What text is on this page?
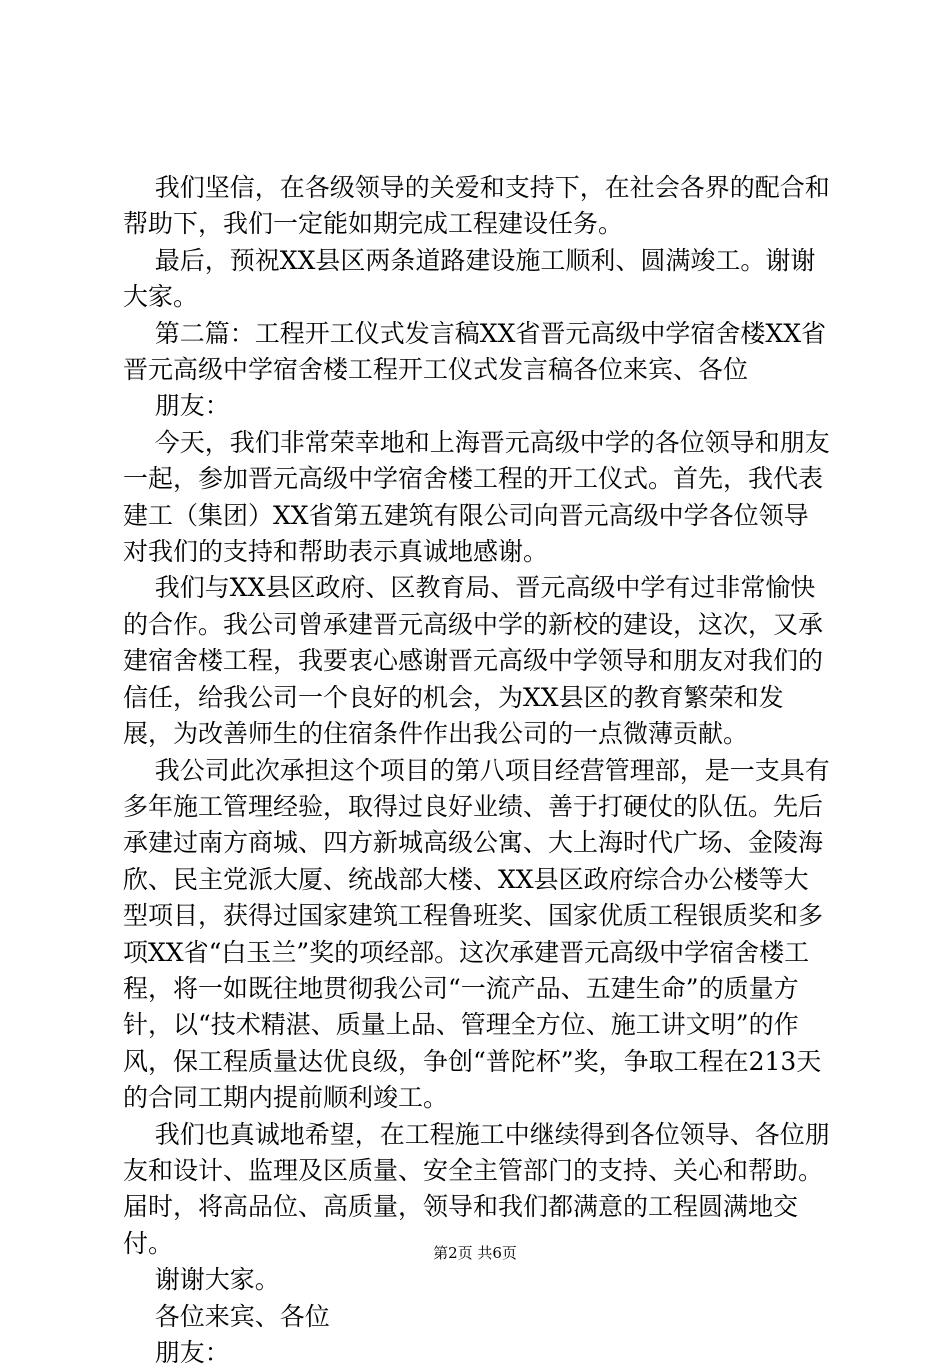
我们坚信，在各级领导的关爱和支持下，在社会各界的配合和帮助下，我们一定能如期完成工程建设任务。

最后，预祝XX县区两条道路建设施工顺利、圆满竣工。谢谢大家。

第二篇：工程开工仪式发言稿XX省晋元高级中学宿舍楼XX省晋元高级中学宿舍楼工程开工仪式发言稿各位来宾、各位

朋友：

今天，我们非常荣幸地和上海晋元高级中学的各位领导和朋友一起，参加晋元高级中学宿舍楼工程的开工仪式。首先，我代表建工（集团）XX省第五建筑有限公司向晋元高级中学各位领导对我们的支持和帮助表示真诚地感谢。

我们与XX县区政府、区教育局、晋元高级中学有过非常愉快的合作。我公司曾承建晋元高级中学的新校的建设，这次，又承建宿舍楼工程，我要衷心感谢晋元高级中学领导和朋友对我们的信任，给我公司一个良好的机会，为XX县区的教育繁荣和发展，为改善师生的住宿条件作出我公司的一点微薄贡献。

我公司此次承担这个项目的第八项目经营管理部，是一支具有多年施工管理经验，取得过良好业绩、善于打硬仗的队伍。先后承建过南方商城、四方新城高级公寓、大上海时代广场、金陵海欣、民主党派大厦、统战部大楼、XX县区政府综合办公楼等大型项目，获得过国家建筑工程鲁班奖、国家优质工程银质奖和多项XX省“白玉兰”奖的项经部。这次承建晋元高级中学宿舍楼工程，将一如既往地贯彻我公司“一流产品、五建生命”的质量方针，以“技术精湛、质量上品、管理全方位、施工讲文明”的作风，保工程质量达优良级，争创“普陀杯”奖，争取工程在213天的合同工期内提前顺利竣工。

我们也真诚地希望，在工程施工中继续得到各位领导、各位朋友和设计、监理及区质量、安全主管部门的支持、关心和帮助。届时，将高品位、高质量，领导和我们都满意的工程圆满地交付。

谢谢大家。

各位来宾、各位

朋友：

第2页 共6页
